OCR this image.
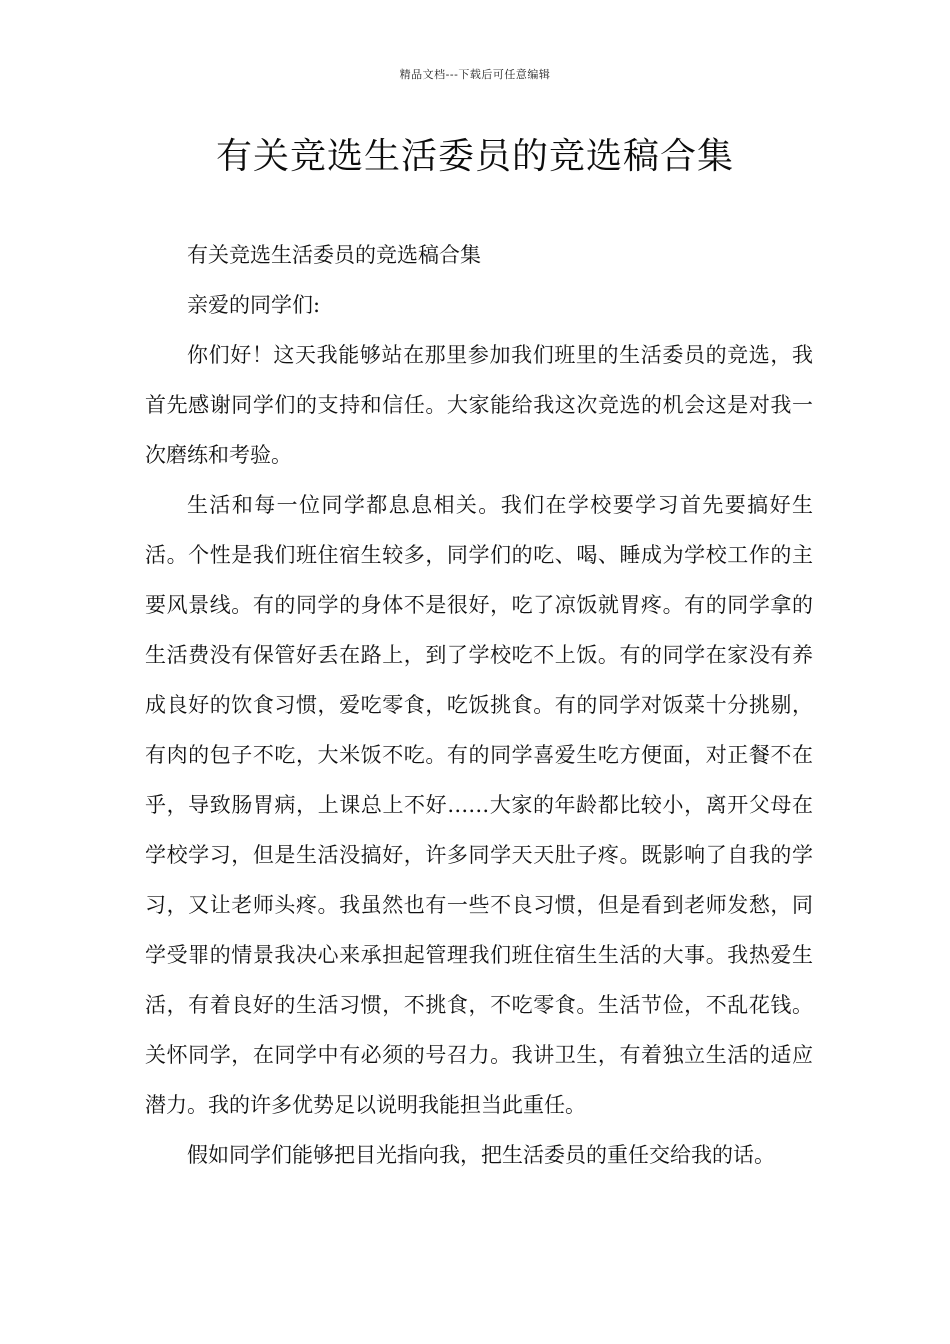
精品文档---下载后可任意编辑
有关竞选生活委员的竞选稿合集

有关竞选生活委员的竞选稿合集

亲爱的同学们:

你们好！这天我能够站在那里参加我们班里的生活委员的竞选，我首先感谢同学们的支持和信任。大家能给我这次竞选的机会这是对我一次磨练和考验。

生活和每一位同学都息息相关。我们在学校要学习首先要搞好生活。个性是我们班住宿生较多，同学们的吃、喝、睡成为学校工作的主要风景线。有的同学的身体不是很好，吃了凉饭就胃疼。有的同学拿的生活费没有保管好丢在路上，到了学校吃不上饭。有的同学在家没有养成良好的饮食习惯，爱吃零食，吃饭挑食。有的同学对饭菜十分挑剔，有肉的包子不吃，大米饭不吃。有的同学喜爱生吃方便面，对正餐不在乎，导致肠胃病，上课总上不好……大家的年龄都比较小，离开父母在学校学习，但是生活没搞好，许多同学天天肚子疼。既影响了自我的学习，又让老师头疼。我虽然也有一些不良习惯，但是看到老师发愁，同学受罪的情景我决心来承担起管理我们班住宿生生活的大事。我热爱生活，有着良好的生活习惯，不挑食，不吃零食。生活节俭，不乱花钱。关怀同学，在同学中有必须的号召力。我讲卫生，有着独立生活的适应潜力。我的许多优势足以说明我能担当此重任。

假如同学们能够把目光指向我，把生活委员的重任交给我的话。
